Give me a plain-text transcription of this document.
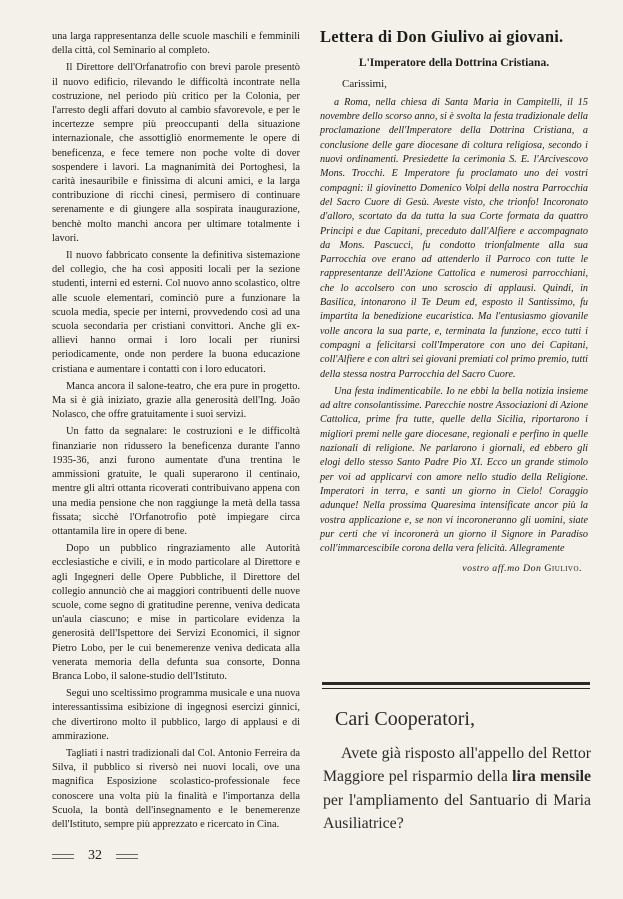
una larga rappresentanza delle scuole maschili e femminili della città, col Seminario al completo.

Il Direttore dell'Orfanatrofio con brevi parole presentò il nuovo edificio, rilevando le difficoltà incontrate nella costruzione, nel periodo più critico per la Colonia, per l'arresto degli affari dovuto al cambio sfavorevole, e per le incertezze sempre più preoccupanti della situazione internazionale, che assottigliò enormemente le opere di beneficenza, e fece temere non poche volte di dover sospendere i lavori. La magnanimità dei Portoghesi, la carità inesauribile e finissima di alcuni amici, e la larga contribuzione di ricchi cinesi, permisero di continuare serenamente e di giungere alla sospirata inaugurazione, benchè molto manchi ancora per ultimare totalmente i lavori.

Il nuovo fabbricato consente la definitiva sistemazione del collegio, che ha così appositi locali per la sezione studenti, interni ed esterni. Col nuovo anno scolastico, oltre alle scuole elementari, cominciò pure a funzionare la scuola media, specie per interni, provvedendo così ad una scuola secondaria per cristiani convittori. Anche gli ex-allievi hanno ormai i loro locali per riunirsi periodicamente, onde non perdere la buona educazione cristiana e aumentare i contatti con i loro educatori.

Manca ancora il salone-teatro, che era pure in progetto. Ma si è già iniziato, grazie alla generosità dell'Ing. João Nolasco, che offre gratuitamente i suoi servizi.

Un fatto da segnalare: le costruzioni e le difficoltà finanziarie non ridussero la beneficenza durante l'anno 1935-36, anzi furono aumentate d'una trentina le ammissioni gratuite, le quali superarono il centinaio, mentre gli altri ottanta ricoverati contribuivano appena con una media pensione che non raggiunge la metà della tassa fissata; sicchè l'Orfanotrofio potè impiegare circa ottantamila lire in opere di bene.

Dopo un pubblico ringraziamento alle Autorità ecclesiastiche e civili, e in modo particolare al Direttore e agli Ingegneri delle Opere Pubbliche, il Direttore del collegio annunciò che ai maggiori contribuenti delle nuove scuole, come segno di gratitudine perenne, veniva dedicata un'aula ciascuno; e mise in particolare evidenza la generosità dell'Ispettore dei Servizi Economici, il signor Pietro Lobo, per le cui benemerenze veniva dedicata alla venerata memoria della defunta sua consorte, Donna Branca Lobo, il salone-studio dell'Istituto.

Seguì uno sceltissimo programma musicale e una nuova interessantissima esibizione di ingegnosi esercizi ginnici, che divertirono molto il pubblico, largo di applausi e di ammirazione.

Tagliati i nastri tradizionali dal Col. Antonio Ferreira da Silva, il pubblico si riversò nei nuovi locali, ove una magnifica Esposizione scolastico-professionale fece conoscere una volta più la finalità e l'importanza della Scuola, la bontà dell'insegnamento e le benemerenze dell'Istituto, sempre più apprezzato e ricercato in Cina.

Lettera di Don Giulivo ai giovani.
L'Imperatore della Dottrina Cristiana.
Carissimi,

a Roma, nella chiesa di Santa Maria in Campitelli, il 15 novembre dello scorso anno, si è svolta la festa tradizionale della proclamazione dell'Imperatore della Dottrina Cristiana, a conclusione delle gare diocesane di coltura religiosa, secondo i nuovi ordinamenti. Presiedette la cerimonia S. E. l'Arcivescovo Mons. Trocchi. E Imperatore fu proclamato uno dei vostri compagni: il giovinetto Domenico Volpi della nostra Parrocchia del Sacro Cuore di Gesù. Aveste visto, che trionfo! Incoronato d'alloro, scortato da da tutta la sua Corte formata da quattro Principi e due Capitani, preceduto dall'Alfiere e accompagnato da Mons. Pascucci, fu condotto trionfalmente alla sua Parrocchia ove erano ad attenderlo il Parroco con tutte le rappresentanze dell'Azione Cattolica e numerosi parrocchiani, che lo accolsero con uno scroscio di applausi. Quindi, in Basilica, intonarono il Te Deum ed, esposto il Santissimo, fu impartita la benedizione eucaristica. Ma l'entusiasmo giovanile volle ancora la sua parte, e, terminata la funzione, ecco tutti i compagni a felicitarsi coll'Imperatore con uno dei Capitani, coll'Alfiere e con altri sei giovani premiati col primo premio, tutti della stessa nostra Parrocchia del Sacro Cuore.

Una festa indimenticabile. Io ne ebbi la bella notizia insieme ad altre consolantissime. Parecchie nostre Associazioni di Azione Cattolica, prime fra tutte, quelle della Sicilia, riportarono i migliori premi nelle gare diocesane, regionali e perfino in quelle nazionali di religione. Ne parlarono i giornali, ed ebbero gli elogi dello stesso Santo Padre Pio XI. Ecco un grande stimolo per voi ad applicarvi con amore nello studio della Religione. Imperatori in terra, e santi un giorno in Cielo! Coraggio adunque! Nella prossima Quaresima intensificate ancor più la vostra applicazione e, se non vi incoroneranno gli uomini, siate pur certi che vi incoronerà un giorno il Signore in Paradiso coll'immarcescibile corona della vera felicità. Allegramente

vostro aff.mo Don Giulivo.
Cari Cooperatori,
Avete già risposto all'appello del Rettor Maggiore pel risparmio della lira mensile per l'ampliamento del Santuario di Maria Ausiliatrice?
32
